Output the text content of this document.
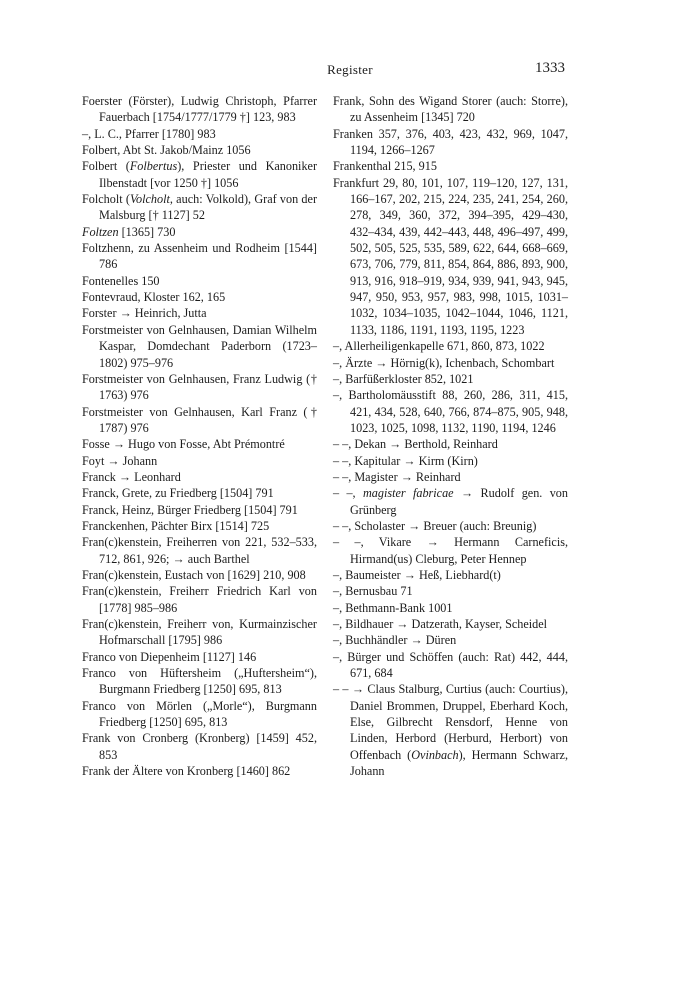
Register	1333

Foerster (Förster), Ludwig Christoph, Pfarrer Fauerbach [1754/1777/1779 †] 123, 983

–, L. C., Pfarrer [1780] 983

Folbert, Abt St. Jakob/Mainz 1056

Folbert (Folbertus), Priester und Kanoniker Ilbenstadt [vor 1250 †] 1056

Folcholt (Volcholt, auch: Volkold), Graf von der Malsburg [† 1127] 52

Foltzen [1365] 730

Foltzhenn, zu Assenheim und Rodheim [1544] 786

Fontenelles 150

Fontevraud, Kloster 162, 165

Forster → Heinrich, Jutta

Forstmeister von Gelnhausen, Damian Wilhelm Kaspar, Domdechant Paderborn (1723–1802) 975–976

Forstmeister von Gelnhausen, Franz Ludwig († 1763) 976

Forstmeister von Gelnhausen, Karl Franz († 1787) 976

Fosse → Hugo von Fosse, Abt Prémontré

Foyt → Johann

Franck → Leonhard

Franck, Grete, zu Friedberg [1504] 791

Franck, Heinz, Bürger Friedberg [1504] 791

Franckenhen, Pächter Birx [1514] 725

Fran(c)kenstein, Freiherren von 221, 532–533, 712, 861, 926; → auch Barthel

Fran(c)kenstein, Eustach von [1629] 210, 908

Fran(c)kenstein, Freiherr Friedrich Karl von [1778] 985–986

Fran(c)kenstein, Freiherr von, Kurmainzischer Hofmarschall [1795] 986

Franco von Diepenheim [1127] 146

Franco von Hüftersheim („Huftersheim“), Burgmann Friedberg [1250] 695, 813

Franco von Mörlen („Morle“), Burgmann Friedberg [1250] 695, 813

Frank von Cronberg (Kronberg) [1459] 452, 853

Frank der Ältere von Kronberg [1460] 862

Frank, Sohn des Wigand Storer (auch: Storre), zu Assenheim [1345] 720

Franken 357, 376, 403, 423, 432, 969, 1047, 1194, 1266–1267

Frankenthal 215, 915

Frankfurt 29, 80, 101, 107, 119–120, 127, 131, 166–167, 202, 215, 224, 235, 241, 254, 260, 278, 349, 360, 372, 394–395, 429–430, 432–434, 439, 442–443, 448, 496–497, 499, 502, 505, 525, 535, 589, 622, 644, 668–669, 673, 706, 779, 811, 854, 864, 886, 893, 900, 913, 916, 918–919, 934, 939, 941, 943, 945, 947, 950, 953, 957, 983, 998, 1015, 1031–1032, 1034–1035, 1042–1044, 1046, 1121, 1133, 1186, 1191, 1193, 1195, 1223

–, Allerheiligenkapelle 671, 860, 873, 1022

–, Ärzte → Hörnig(k), Ichenbach, Schombart

–, Barfüßerkloster 852, 1021

–, Bartholomäusstift 88, 260, 286, 311, 415, 421, 434, 528, 640, 766, 874–875, 905, 948, 1023, 1025, 1098, 1132, 1190, 1194, 1246

– –, Dekan → Berthold, Reinhard

– –, Kapitular → Kirm (Kirn)

– –, Magister → Reinhard

– –, magister fabricae → Rudolf gen. von Grünberg

– –, Scholaster → Breuer (auch: Breunig)

– –, Vikare → Hermann Carneficis, Hirmand(us) Cleburg, Peter Hennep

–, Baumeister → Heß, Liebhard(t)

–, Bernusbau 71

–, Bethmann-Bank 1001

–, Bildhauer → Datzerath, Kayser, Scheidel

–, Buchhändler → Düren

–, Bürger und Schöffen (auch: Rat) 442, 444, 671, 684

– – → Claus Stalburg, Curtius (auch: Courtius), Daniel Brommen, Druppel, Eberhard Koch, Else, Gilbrecht Rensdorf, Henne von Linden, Herbord (Herburd, Herbort) von Offenbach (Ovinbach), Hermann Schwarz, Johann
